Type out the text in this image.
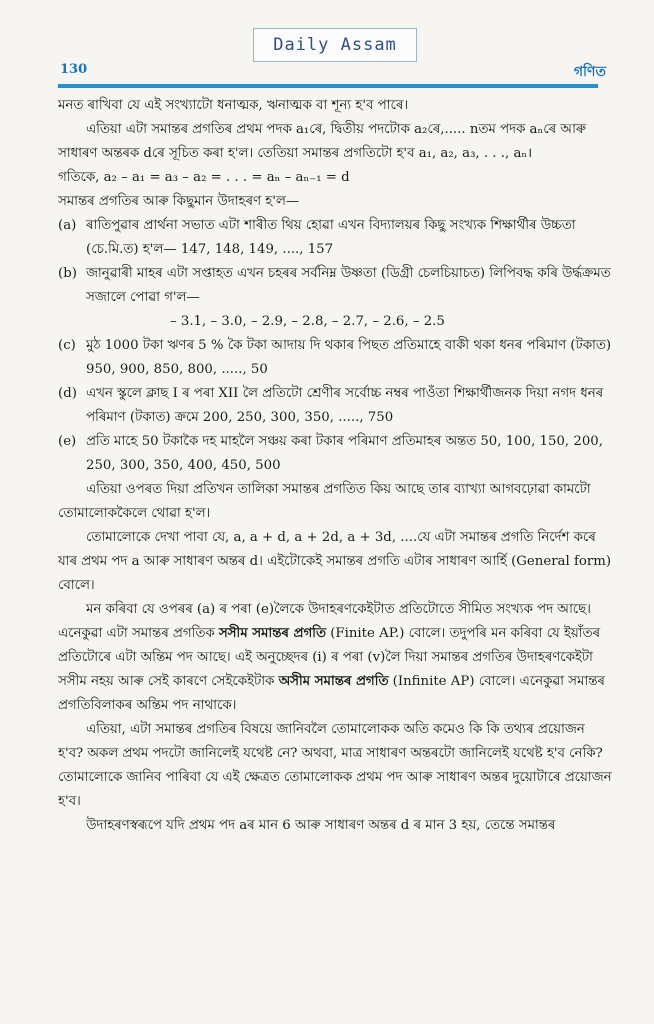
Daily Assam
130	গণিত

মনত ৰাখিবা যে এই সংখ্যাটো ধনাত্মক, ঋনাত্মক বা শূন্য হ'ব পাৰে।

এতিয়া এটা সমান্তৰ প্ৰগতিৰ প্ৰথম পদক a₁ৰে, দ্বিতীয় পদটোক a₂ৰে,..... nতম পদক aₙৰে আৰু সাধাৰণ অন্তৰক dৰে সূচিত কৰা হ'ল। তেতিয়া সমান্তৰ প্ৰগতিটো হ'ব a₁, a₂, a₃, . . ., aₙ।

গতিকে, a₂ – a₁ = a₃ – a₂ = . . . = aₙ – aₙ₋₁ = d

সমান্তৰ প্ৰগতিৰ আৰু কিছুমান উদাহৰণ হ'ল—

(a) ৰাতিপুৱাৰ প্ৰাৰ্থনা সভাত এটা শাৰীত থিয় হোৱা এখন বিদ্যালয়ৰ কিছু সংখ্যক শিক্ষাৰ্থীৰ উচ্চতা (চে.মি.ত) হ'ল— 147, 148, 149, ...., 157
(b) জানুৱাৰী মাহৰ এটা সপ্তাহত এখন চহৰৰ সৰ্বনিম্ন উষ্ণতা (ডিগ্ৰী চেলচিয়াচত) লিপিবদ্ধ কৰি উৰ্দ্ধক্ৰমত সজালে পোৱা গ'ল—

– 3.1, – 3.0, – 2.9, – 2.8, – 2.7, – 2.6, – 2.5

(c) মুঠ 1000 টকা ঋণৰ 5 % কৈ টকা আদায় দি থকাৰ পিছত প্ৰতিমাহে বাকী থকা ধনৰ পৰিমাণ (টকাত) 950, 900, 850, 800, ....., 50
(d) এখন স্কুলে ক্লাছ I ৰ পৰা XII লৈ প্ৰতিটো শ্ৰেণীৰ সৰ্বোচ্চ নম্বৰ পাওঁতা শিক্ষাৰ্থীজনক দিয়া নগদ ধনৰ পৰিমাণ (টকাত) ক্ৰমে 200, 250, 300, 350, ....., 750
(e) প্ৰতি মাহে 50 টকাকৈ দহ মাহলৈ সঞ্চয় কৰা টকাৰ পৰিমাণ প্ৰতিমাহৰ অন্তত 50, 100, 150, 200, 250, 300, 350, 400, 450, 500

এতিয়া ওপৰত দিয়া প্ৰতিখন তালিকা সমান্তৰ প্ৰগতিত কিয় আছে তাৰ ব্যাখ্যা আগবঢ়োৱা কামটো তোমালোককৈলে থোৱা হ'ল।

তোমালোকে দেখা পাবা যে, a, a + d, a + 2d, a + 3d, ....যে এটা সমান্তৰ প্ৰগতি নিৰ্দেশ কৰে যাৰ প্ৰথম পদ a আৰু সাধাৰণ অন্তৰ d। এইটোকেই সমান্তৰ প্ৰগতি এটাৰ সাধাৰণ আৰ্হি (General form) বোলে।

মন কৰিবা যে ওপৰৰ (a) ৰ পৰা (e)লৈকে উদাহৰণকেইটাত প্ৰতিটোতে সীমিত সংখ্যক পদ আছে। এনেকুৱা এটা সমান্তৰ প্ৰগতিক সসীম সমান্তৰ প্ৰগতি (Finite AP.) বোলে। তদুপৰি মন কৰিবা যে ইয়াঁতৰ প্ৰতিটোৰে এটা অন্তিম পদ আছে। এই অনুচ্ছেদৰ (i) ৰ পৰা (v)লৈ দিয়া সমান্তৰ প্ৰগতিৰ উদাহৰণকেইটা সসীম নহয় আৰু সেই কাৰণে সেইকেইটাক অসীম সমান্তৰ প্ৰগতি (Infinite AP) বোলে। এনেকুৱা সমান্তৰ প্ৰগতিবিলাকৰ অন্তিম পদ নাথাকে।

এতিয়া, এটা সমান্তৰ প্ৰগতিৰ বিষয়ে জানিবলৈ তোমালোকক অতি কমেও কি কি তথ্যৰ প্ৰয়োজন হ'ব? অকল প্ৰথম পদটো জানিলেই যথেষ্ট নে? অথবা, মাত্ৰ সাধাৰণ অন্তৰটো জানিলেই যথেষ্ট হ'ব নেকি? তোমালোকে জানিব পাৰিবা যে এই ক্ষেত্ৰত তোমালোকক প্ৰথম পদ আৰু সাধাৰণ অন্তৰ দুয়োটাৰে প্ৰয়োজন হ'ব।

উদাহৰণস্বৰূপে যদি প্ৰথম পদ aৰ মান 6 আৰু সাধাৰণ অন্তৰ d ৰ মান 3 হয়, তেন্তে সমান্তৰ
